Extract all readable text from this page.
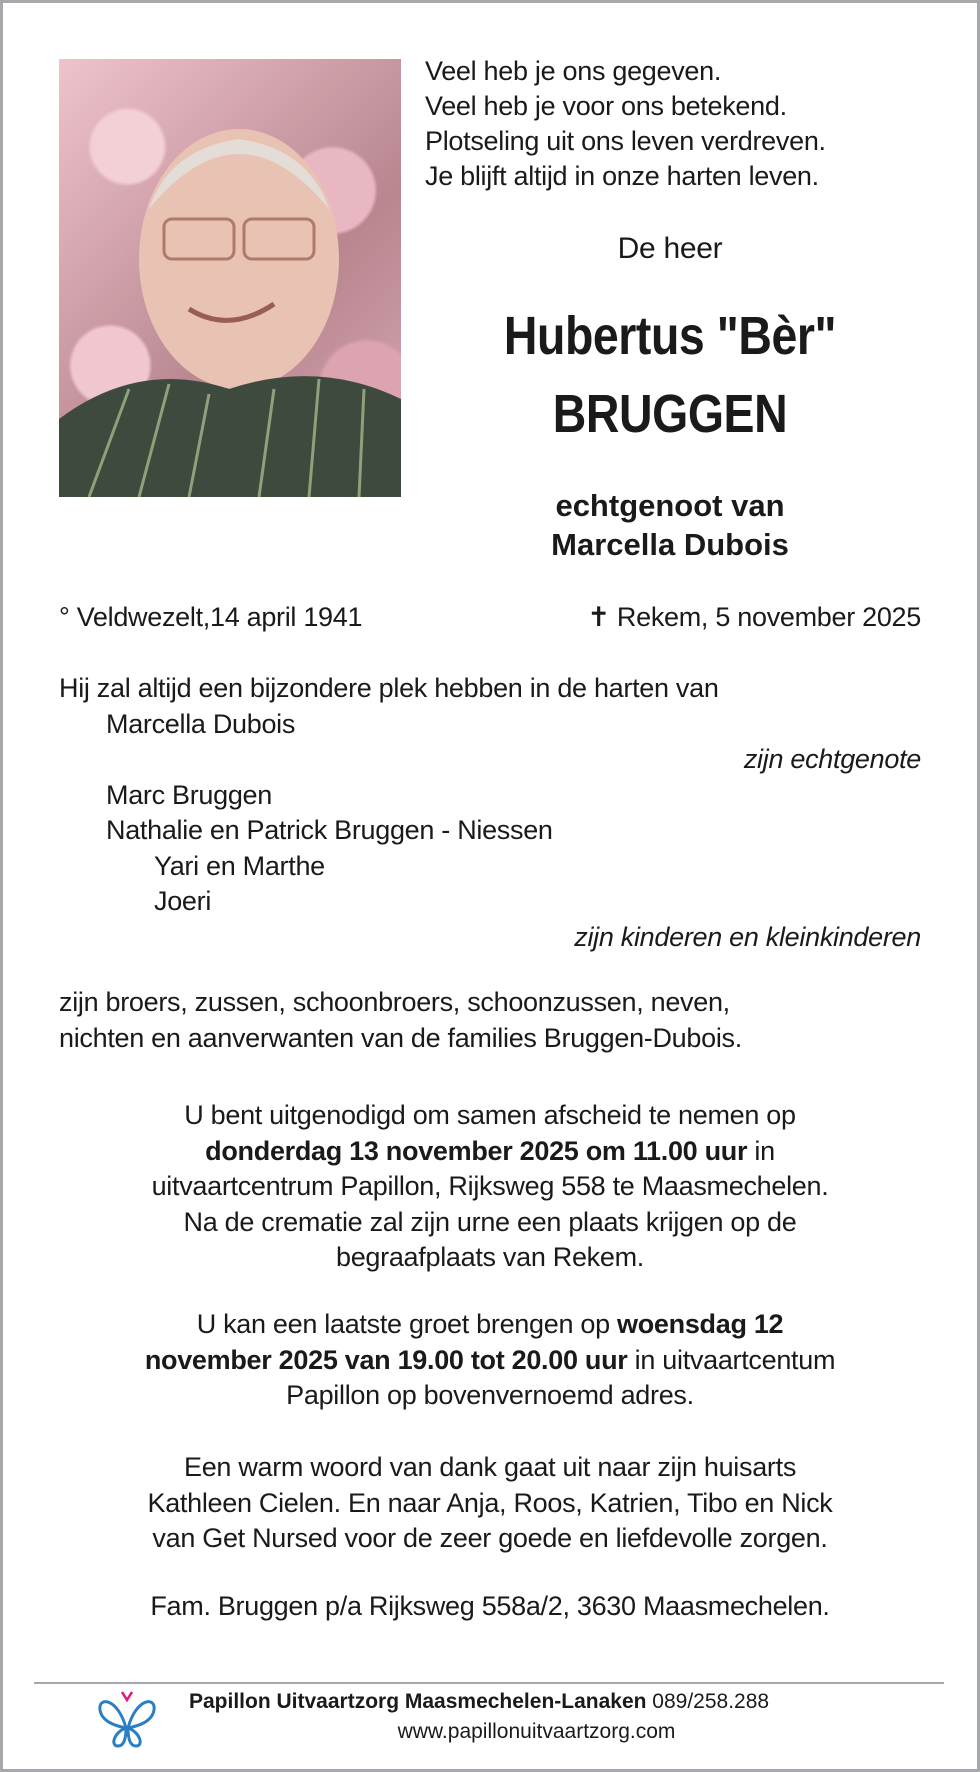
Veel heb je ons gegeven.
Veel heb je voor ons betekend.
Plotseling uit ons leven verdreven.
Je blijft altijd in onze harten leven.
De heer
Hubertus "Bèr"
BRUGGEN
echtgenoot van
Marcella Dubois
° Veldwezelt,14 april 1941	✝ Rekem, 5 november 2025
Hij zal altijd een bijzondere plek hebben in de harten van
Marcella Dubois
zijn echtgenote
Marc Bruggen
Nathalie en Patrick Bruggen - Niessen
Yari en Marthe
Joeri
zijn kinderen en kleinkinderen
zijn broers, zussen, schoonbroers, schoonzussen, neven,
nichten en aanverwanten van de families Bruggen-Dubois.
U bent uitgenodigd om samen afscheid te nemen op
donderdag 13 november 2025 om 11.00 uur in
uitvaartcentrum Papillon, Rijksweg 558 te Maasmechelen.
Na de crematie zal zijn urne een plaats krijgen op de
begraafplaats van Rekem.
U kan een laatste groet brengen op woensdag 12
november 2025 van 19.00 tot 20.00 uur in uitvaartcentum
Papillon op bovenvernoemd adres.
Een warm woord van dank gaat uit naar zijn huisarts
Kathleen Cielen. En naar Anja, Roos, Katrien, Tibo en Nick
van Get Nursed voor de zeer goede en liefdevolle zorgen.
Fam. Bruggen p/a Rijksweg 558a/2, 3630 Maasmechelen.
Papillon Uitvaartzorg Maasmechelen-Lanaken 089/258.288
www.papillonuitvaartzorg.com
